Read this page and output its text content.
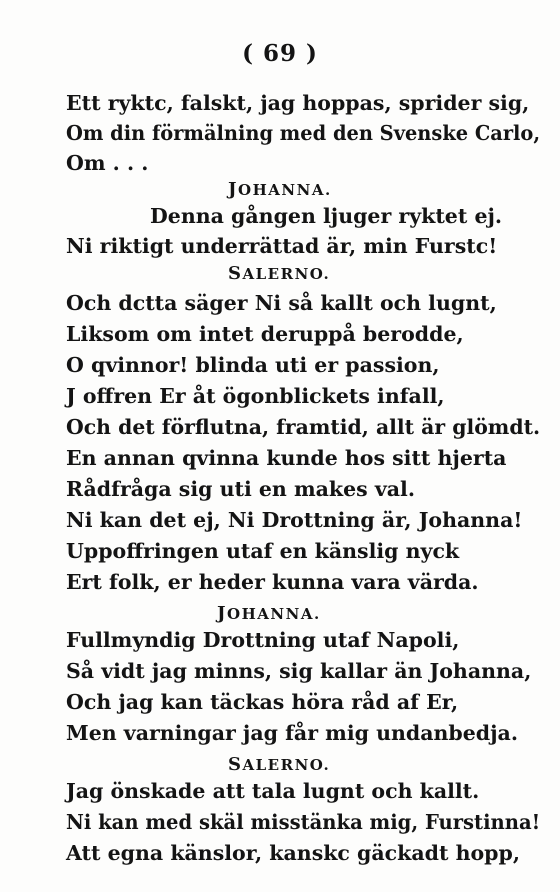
( 69 )
Ett ryktc, falskt, jag hoppas, sprider sig,
Om din förmälning med den Svenske Carlo,
Om . . .
JOHANNA.
Denna gången ljuger ryktet ej.
Ni riktigt underrättad är, min Furstc!
SALERNO.
Och dctta säger Ni så kallt och lugnt,
Liksom om intet deruppå berodde,
O qvinnor! blinda uti er passion,
J offren Er åt ögonblickets infall,
Och det förflutna, framtid, allt är glömdt.
En annan qvinna kunde hos sitt hjerta
Rådfråga sig uti en makes val.
Ni kan det ej, Ni Drottning är, Johanna!
Uppoffringen utaf en känslig nyck
Ert folk, er heder kunna vara värda.
JOHANNA.
Fullmyndig Drottning utaf Napoli,
Så vidt jag minns, sig kallar än Johanna,
Och jag kan täckas höra råd af Er,
Men varningar jag får mig undanbedja.
SALERNO.
Jag önskade att tala lugnt och kallt.
Ni kan med skäl misstänka mig, Furstinna!
Att egna känslor, kanskc gäckadt hopp,
